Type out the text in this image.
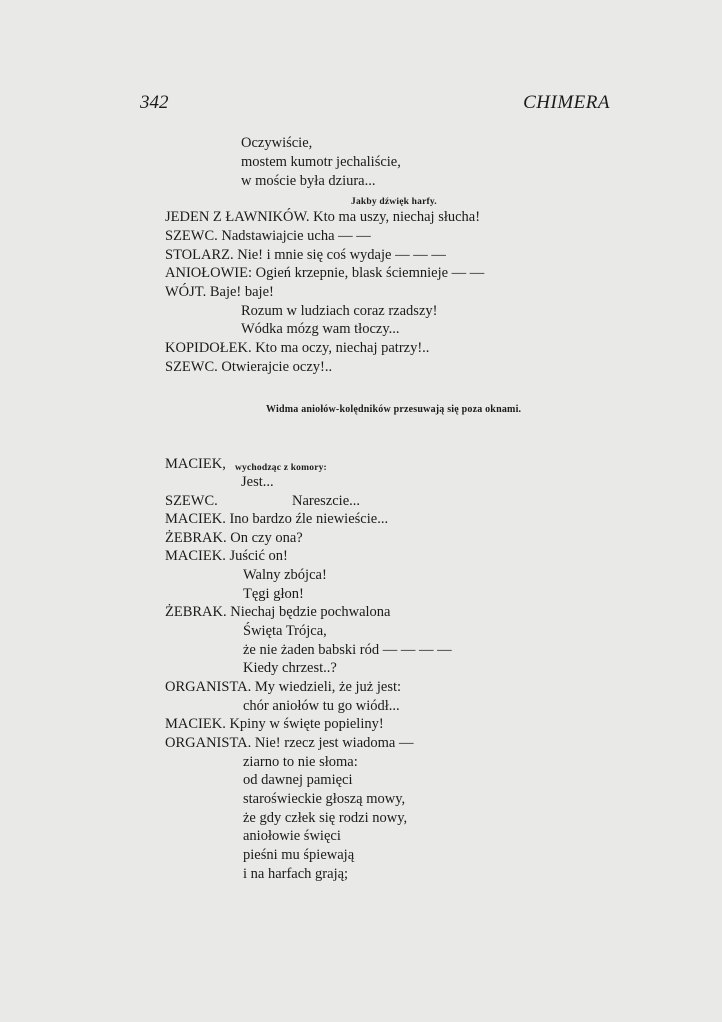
342	CHIMERA
Oczywiście,
mostem kumotr jechaliście,
w moście była dziura...
Jakby dźwięk harfy.
JEDEN Z ŁAWNIKÓW. Kto ma uszy, niechaj słucha!
SZEWC. Nadstawiajcie ucha — —
STOLARZ. Nie! i mnie się coś wydaje — — —
ANIOŁOWIE: Ogień krzepnie, blask ściemnieje — —
WÓJT. Baje! baje!
Rozum w ludziach coraz rzadszy!
Wódka mózg wam tłoczy...
KOPIDOŁEK. Kto ma oczy, niechaj patrzy!..
SZEWC. Otwierajcie oczy!..
Widma aniołów-kolędników przesuwają się poza oknami.
MACIEK, wychodząc z komory:
Jest...
SZEWC.	Nareszcie...
MACIEK. Ino bardzo źle niewieście...
ŻEBRAK. On czy ona?
MACIEK. Juścić on!
Walny zbójca!
Tęgi głon!
ŻEBRAK. Niechaj będzie pochwalona
Święta Trójca,
że nie żaden babski ród — — — —
Kiedy chrzest..?
ORGANISTA. My wiedzieli, że już jest:
chór aniołów tu go wiódł...
MACIEK. Kpiny w święte popieliny!
ORGANISTA. Nie! rzecz jest wiadoma —
ziarno to nie słoma:
od dawnej pamięci
staroświeckie głoszą mowy,
że gdy człek się rodzi nowy,
aniołowie święci
pieśni mu śpiewają
i na harfach grają;
